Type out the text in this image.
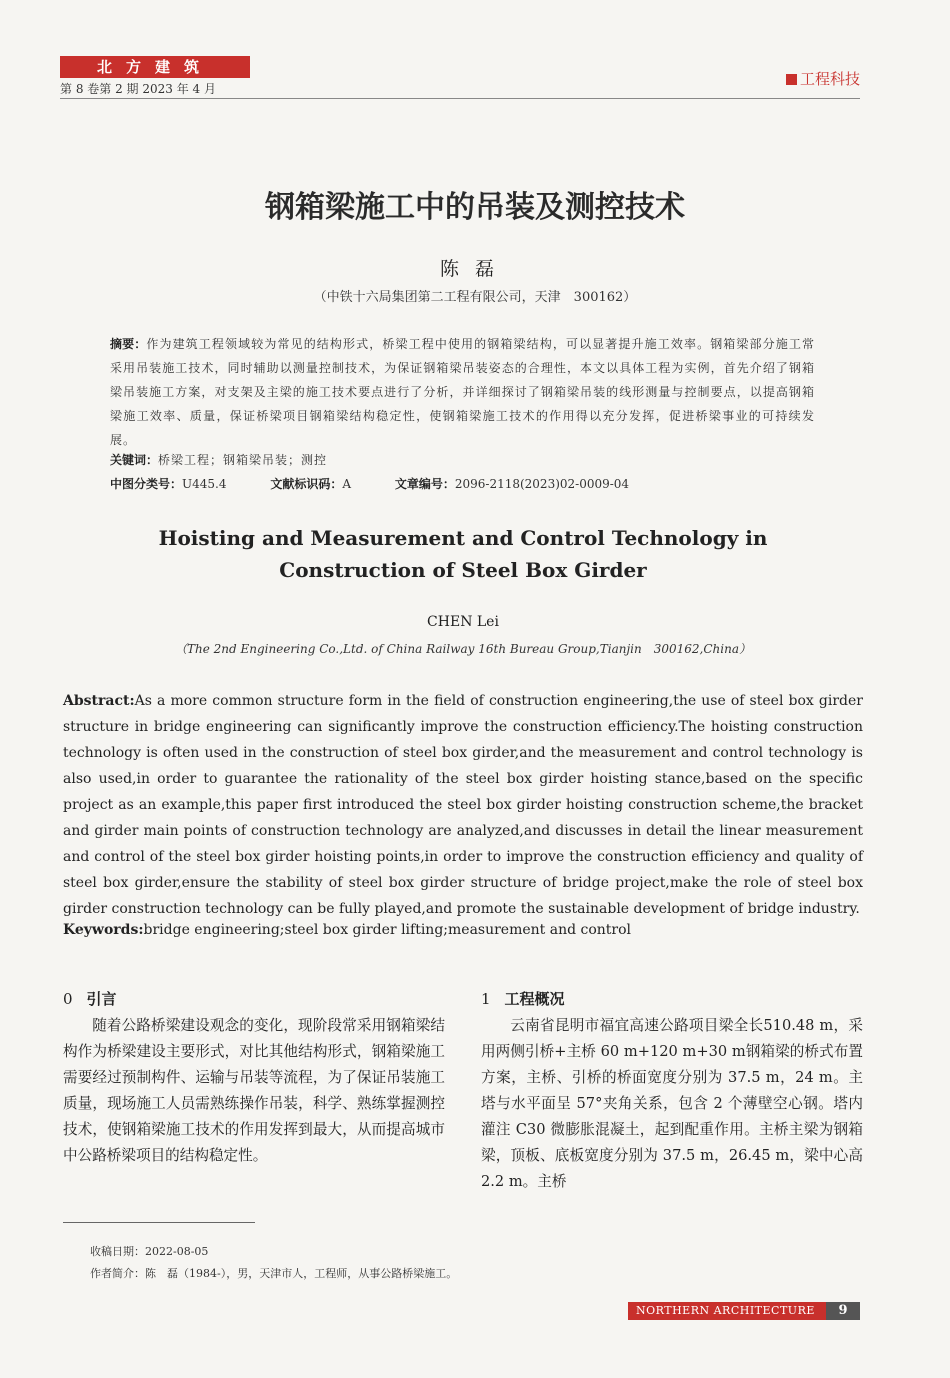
北方建筑
第 8 卷第 2 期 2023 年 4 月
工程科技
钢箱梁施工中的吊装及测控技术
陈磊
（中铁十六局集团第二工程有限公司，天津　300162）
摘要：作为建筑工程领域较为常见的结构形式，桥梁工程中使用的钢箱梁结构，可以显著提升施工效率。钢箱梁部分施工常采用吊装施工技术，同时辅助以测量控制技术，为保证钢箱梁吊装姿态的合理性，本文以具体工程为实例，首先介绍了钢箱梁吊装施工方案，对支架及主梁的施工技术要点进行了分析，并详细探讨了钢箱梁吊装的线形测量与控制要点，以提高钢箱梁施工效率、质量，保证桥梁项目钢箱梁结构稳定性，使钢箱梁施工技术的作用得以充分发挥，促进桥梁事业的可持续发展。
关键词：桥梁工程；钢箱梁吊装；测控
中图分类号：U445.4	文献标识码：A	文章编号：2096-2118(2023)02-0009-04
Hoisting and Measurement and Control Technology in
Construction of Steel Box Girder
CHEN Lei
（The 2nd Engineering Co.,Ltd. of China Railway 16th Bureau Group,Tianjin　300162,China）
Abstract:As a more common structure form in the field of construction engineering,the use of steel box girder structure in bridge engineering can significantly improve the construction efficiency.The hoisting construction technology is often used in the construction of steel box girder,and the measurement and control technology is also used,in order to guarantee the rationality of the steel box girder hoisting stance,based on the specific project as an example,this paper first introduced the steel box girder hoisting construction scheme,the bracket and girder main points of construction technology are analyzed,and discusses in detail the linear measurement and control of the steel box girder hoisting points,in order to improve the construction efficiency and quality of steel box girder,ensure the stability of steel box girder structure of bridge project,make the role of steel box girder construction technology can be fully played,and promote the sustainable development of bridge industry.
Keywords:bridge engineering;steel box girder lifting;measurement and control
0 引言

随着公路桥梁建设观念的变化，现阶段常采用钢箱梁结构作为桥梁建设主要形式，对比其他结构形式，钢箱梁施工需要经过预制构件、运输与吊装等流程，为了保证吊装施工质量，现场施工人员需熟练操作吊装，科学、熟练掌握测控技术，使钢箱梁施工技术的作用发挥到最大，从而提高城市中公路桥梁项目的结构稳定性。

1 工程概况

云南省昆明市福宜高速公路项目梁全长510.48 m，采用两侧引桥+主桥 60 m+120 m+30 m钢箱梁的桥式布置方案，主桥、引桥的桥面宽度分别为 37.5 m，24 m。主塔与水平面呈 57°夹角关系，包含 2 个薄壁空心钢。塔内灌注 C30 微膨胀混凝土，起到配重作用。主桥主梁为钢箱梁，顶板、底板宽度分别为 37.5 m，26.45 m，梁中心高 2.2 m。主桥

收稿日期：2022-08-05
作者简介：陈　磊（1984-），男，天津市人，工程师，从事公路桥梁施工。
NORTHERN ARCHITECTURE	9
